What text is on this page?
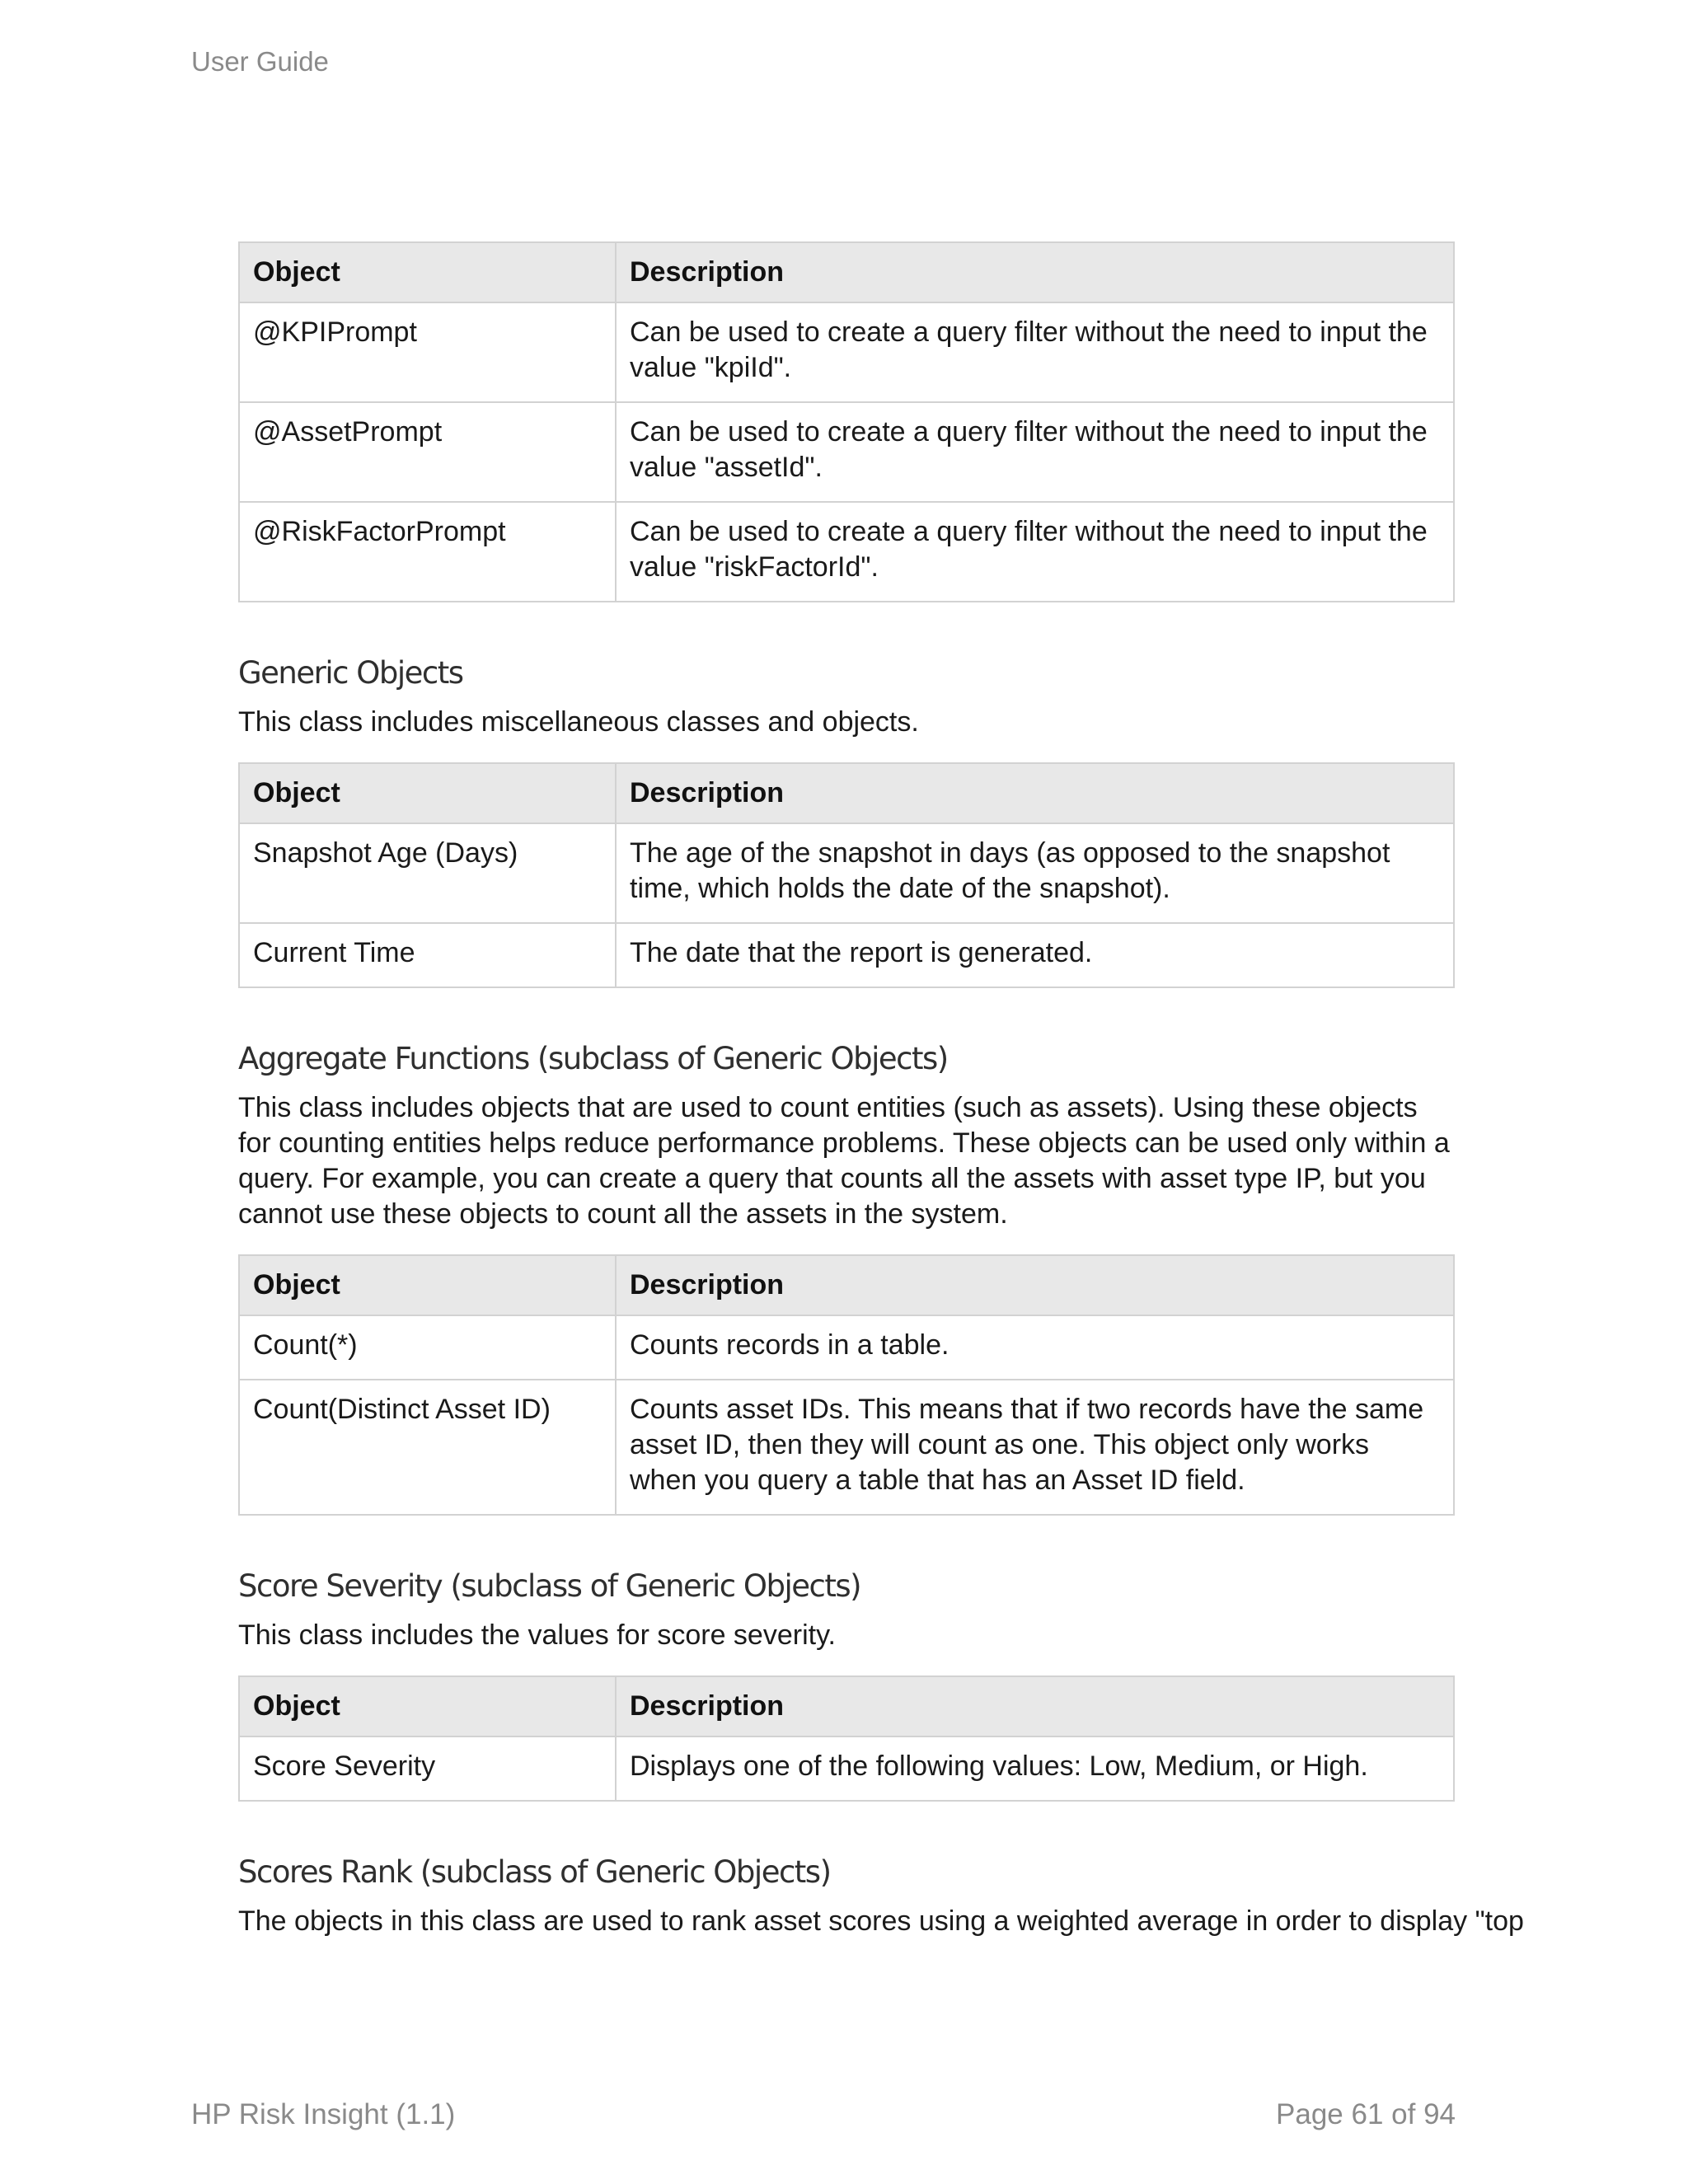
User Guide
Object	Description
@KPIPrompt	Can be used to create a query filter without the need to input the value "kpiId".
@AssetPrompt	Can be used to create a query filter without the need to input the value "assetId".
@RiskFactorPrompt	Can be used to create a query filter without the need to input the value "riskFactorId".
Generic Objects

This class includes miscellaneous classes and objects.

Object	Description
Snapshot Age (Days)	The age of the snapshot in days (as opposed to the snapshot time, which holds the date of the snapshot).
Current Time	The date that the report is generated.
Aggregate Functions (subclass of Generic Objects)

This class includes objects that are used to count entities (such as assets). Using these objects for counting entities helps reduce performance problems. These objects can be used only within a query. For example, you can create a query that counts all the assets with asset type IP, but you cannot use these objects to count all the assets in the system.

Object	Description
Count(*)	Counts records in a table.
Count(Distinct Asset ID)	Counts asset IDs. This means that if two records have the same asset ID, then they will count as one. This object only works when you query a table that has an Asset ID field.
Score Severity (subclass of Generic Objects)

This class includes the values for score severity.

Object	Description
Score Severity	Displays one of the following values: Low, Medium, or High.
Scores Rank (subclass of Generic Objects)

The objects in this class are used to rank asset scores using a weighted average in order to display "top

HP Risk Insight (1.1)	Page 61 of 94
